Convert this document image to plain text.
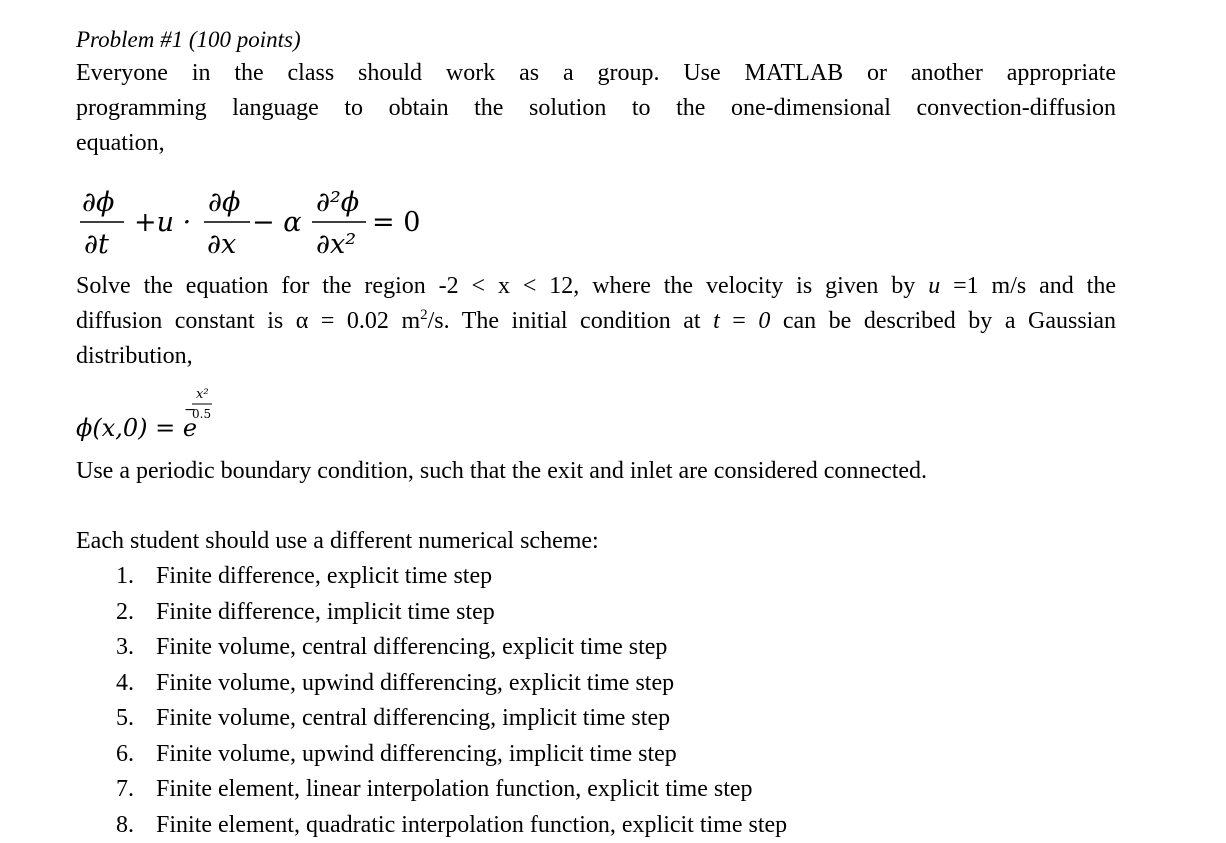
Problem #1 (100 points)

Everyone in the class should work as a group. Use MATLAB or another appropriate
programming language to obtain the solution to the one-dimensional convection-diffusion
equation,
∂ϕ
∂t
+u ·
∂ϕ
∂x
− α
∂²ϕ
∂x²
= 0
Solve the equation for the region -2 < x < 12, where the velocity is given by u =1 m/s and the
diffusion constant is α = 0.02 $m^2/s$. The initial condition at t = 0 can be described by a Gaussian
distribution,
ϕ(x,0) = e
−
x²
0.5

Use a periodic boundary condition, such that the exit and inlet are considered connected.

Each student should use a different numerical scheme:

1. Finite difference, explicit time step
2. Finite difference, implicit time step
3. Finite volume, central differencing, explicit time step
4. Finite volume, upwind differencing, explicit time step
5. Finite volume, central differencing, implicit time step
6. Finite volume, upwind differencing, implicit time step
7. Finite element, linear interpolation function, explicit time step
8. Finite element, quadratic interpolation function, explicit time step
